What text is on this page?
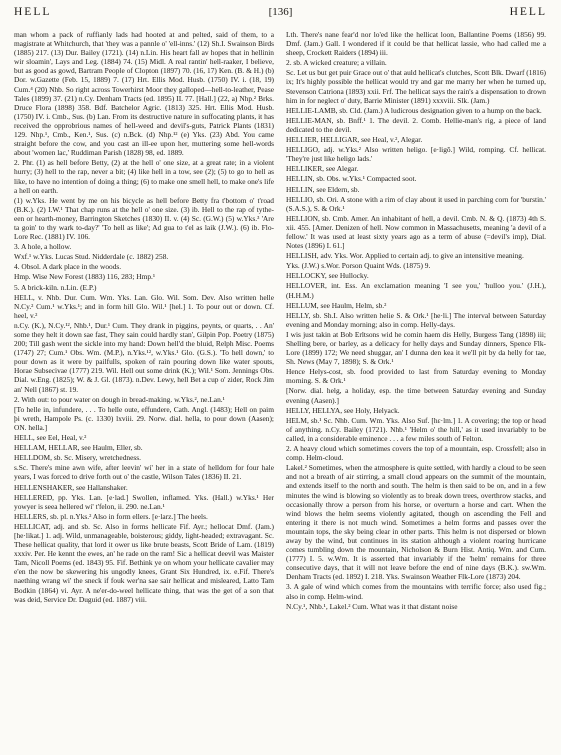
HELL	[136]	HELL

man whom a pack of ruffianly lads had hooted at and pelted, said of them, to a magistrate at Whitchurch, that 'they was a pannle o' 'ell-inns.' (12) Sh.I. Swainson Birds (1885) 217. (13) Dur. Bailey (1721). (14) n.Lin. His heart fall av hopes that in hellinin wir sloamin', Lays and Leg. (1884) 74. (15) Midl. A real rantin' hell-raaker, I believe, but as good as gowd, Bartram People of Clopton (1897) 70. (16, 17) Ken. (B. & H.) (b) Dor. w.Gazette (Feb. 15, 1889) 7. (17) Hrt. Ellis Mod. Husb. (1750) IV. i. (18, 19) Cum.⁴ (20) Nhb. So right across Towerhirst Moor they galloped—hell-to-leather, Pease Tales (1899) 37. (21) n.Cy. Denham Tracts (ed. 1895) II. 77. [Hall.] (22, a) Nhp.² Brks. Druce Flora (1898) 358. Bdf. Batchelor Agric. (1813) 325. Hrt. Ellis Mod. Husb. (1750) IV. i. Cmb., Sus. (b) Lan. From its destructive nature in suffocating plants, it has received the opprobrious names of hell-weed and devil's-guts, Patrick Plants (1831) 129. Nhp.¹, Cmb., Ken.¹, Sus. (c) n.Bck. (d) Nhp.¹² (e) Yks. (23) Abd. You came straight before the cow, and you cast an ill-ee upon her, muttering some hell-words about 'women lac,' Ruddiman Parish (1828) 98, ed. 1889.

2. Phr. (1) as hell before Betty, (2) at the hell o' one size, at a great rate; in a violent hurry; (3) hell to the rap, never a bit; (4) like hell in a tow, see (2); (5) to go to hell as like, to have no intention of doing a thing; (6) to make one smell hell, to make one's life a hell on earth.

(1) w.Yks. He went by me on his bicycle as hell before Betty fra t'bottom o' t'road (B.K.). (2) I.W.¹ That chap runs at the hell o' one size. (3) ib. Hell to the rap of tythe-een or hearth-money, Barrington Sketches (1830) II. v. (4) Sc. (G.W.) (5) w.Yks.³ 'Are ta goin' to thy wark to-day?' 'To hell as like'; Ad gua to t'el as laik (J.W.). (6) ib. Flo-Lore Rec. (1881) IV. 106.

3. A hole, a hollow.

Wxf.¹ w.Yks. Lucas Stud. Nidderdale (c. 1882) 258.

4. Obsol. A dark place in the woods.

Hmp. Wise New Forest (1883) 116, 283; Hmp.¹

5. A brick-kiln. n.Lin. (E.P.)

HELL, v. Nhb. Dur. Cum. Wm. Yks. Lan. Glo. Wil. Som. Dev. Also written helle N.Cy.² Cum.¹ w.Yks.¹; and in form hill Glo. Wil.¹ [hel.] 1. To pour out or down. Cf. heel, v.²

n.Cy. (K.), N.Cy.¹², Nhb.¹, Dur.¹ Cum. They drank in piggins, peynts, or quarts, . . An' some they helt it down sae fast, They sain could hardly stan', Gilpin Pop. Poetry (1875) 200; Till gash went the sickle into my hand: Down hell'd the bluid, Relph Misc. Poems (1747) 27; Cum.¹ Obs. Wm. (M.P.), n.Yks.¹², w.Yks.¹ Glo. (G.S.). 'To hell down,' to pour down as it were by pailfulls, spoken of rain pouring down like water spouts, Horae Subsecivae (1777) 219. Wil. Hell out some drink (K.); Wil.¹ Som. Jennings Obs. Dial. w.Eng. (1825); W. & J. Gl. (1873). n.Dev. Lewy, hell Bet a cup o' zider, Rock Jim an' Nell (1867) st. 19.

2. With out: to pour water on dough in bread-making. w.Yks.², ne.Lan.¹

[To helle in, infundere, . . . To helle oute, effundere, Cath. Angl. (1483); Hell on paim þi wreth, Hampole Ps. (c. 1330) lxviii. 29. Norw. dial. hella, to pour down (Aasen); ON. hella.]

HELL, see Eel, Heal, v.²

HELLAM, HELLAR, see Haulm, Eller, sb.

HELLDOM, sb. Sc. Misery, wretchedness.

s.Sc. There's mine awn wife, after leevin' wi' her in a state of helldom for four hale years, I was forced to drive forth out o' the castle, Wilson Tales (1836) II. 21.

HELLENSHAKER, see Hallanshaker.

HELLERED, pp. Yks. Lan. [e·lad.] Swollen, inflamed. Yks. (Hall.) w.Yks.¹ Her yowyer is seea hellered wi' t'felon, ii. 290. ne.Lan.¹

HELLERS, sb. pl. n.Yks.² Also in form ellers. [e·larz.] The heels.

HELLICAT, adj. and sb. Sc. Also in forms hellicate Fif. Ayr.; hellocat Dmf. (Jam.) [he·likat.] 1. adj. Wild, unmanageable, boisterous; giddy, light-headed; extravagant. Sc. These hellicat quality, that lord it ower us like brute beasts, Scott Bride of Lam. (1819) xxxiv. Per. He kennt the ewes, an' he rade on the ram! Sic a hellicat deevil was Maister Tam, Nicoll Poems (ed. 1843) 95. Fif. Bethink ye on whom your hellicate cavalier may e'en the now be skewering his ungodly knees, Grant Six Hundred, ix. e.Fif. There's naething wrang wi' the sneck if fouk wer'na sae sair hellicat and misleared, Latto Tam Bodkin (1864) vi. Ayr. A ne'er-do-weel hellicate thing, that was the get of a son that was deid, Service Dr. Duguid (ed. 1887) viii.

Lth. There's nane fear'd nor lo'ed like the hellicat loon, Ballantine Poems (1856) 99. Dmf. (Jam.) Gall. I wondered if it could be that hellicat lassie, who had called me a sheep, Crockett Raiders (1894) iii.

2. sb. A wicked creature; a villain.

Sc. Let us but get puir Grace out o' that auld hellicat's clutches, Scott Blk. Dwarf (1816) ix; It's highly possible the hellicat would try and gar me marry her when he turned up, Stevenson Catriona (1893) xxii. Frf. The hellicat says the rain's a dispensation to drown him in for neglect o' duty, Barrie Minister (1891) xxxviii. Slk. (Jam.)

HELLIE-LAMB, sb. Cld. (Jam.) A ludicrous designation given to a hump on the back.

HELLIE-MAN, sb. Bnff.¹ 1. The devil. 2. Comb. Hellie-man's rig, a piece of land dedicated to the devil.

HELLIER, HELLIGAR, see Heal, v.², Alegar.

HELLIGO, adj. w.Yks.² Also written heligo. [e·ligō.] Wild, romping. Cf. hellicat. 'They're just like heligo lads.'

HELLIKER, see Alegar.

HELLIN, sb. Obs. w.Yks.¹ Compacted soot.

HELLIN, see Eldern, sb.

HELLIO, sb. Ori. A stone with a rim of clay about it used in parching corn for 'burstin.' (S.A.S.), S. & Ork.¹

HELLION, sb. Cmb. Amer. An inhabitant of hell, a devil. Cmb. N. & Q. (1873) 4th S. xii. 455. [Amer. Denizen of hell. Now common in Massachusetts, meaning 'a devil of a fellow.' It was used at least sixty years ago as a term of abuse (=devil's imp), Dial. Notes (1896) I. 61.]

HELLISH, adv. Yks. Wor. Applied to certain adj. to give an intensitive meaning.

Yks. (J.W.) s.Wor. Porson Quaint Wds. (1875) 9.

HELLOCKY, see Hullocky.

HELLOVER, int. Ess. An exclamation meaning 'I see you,' 'hulloo you.' (J.H.), (H.H.M.)

HELLUM, see Haulm, Helm, sb.²

HELLY, sb. Sh.I. Also written helie S. & Ork.¹ [he·li.] The interval between Saturday evening and Monday morning; also in comp. Helly-days.

I wis just takin at Bob Erltsons wid he comin haem dis Helly, Burgess Tang (1898) iii; Shelling bere, or barley, as a delicacy for helly days and Sunday dinners, Spence Flk-Lore (1899) 172; We need shuggar, an' I dunna den kea it we'll pit by da helly for tae, Sh. News (May 7, 1898); S. & Ork.¹

Hence Helys-cost, sb. food provided to last from Saturday evening to Monday morning. S. & Ork.¹

[Norw. dial. helg, a holiday, esp. the time between Saturday evening and Sunday evening (Aasen).]

HELLY, HELLYA, see Holy, Helyack.

HELM, sb.¹ Sc. Nhb. Cum. Wm. Yks. Also Suf. [hε·lm.] 1. A covering; the top or head of anything. n.Cy. Bailey (1721). Nhb.¹ 'Helm o' the hill,' as it used invariably to be called, in a considerable eminence . . . a few miles south of Felton.

2. A heavy cloud which sometimes covers the top of a mountain, esp. Crossfell; also in comp. Helm-cloud.

Lakel.² Sometimes, when the atmosphere is quite settled, with hardly a cloud to be seen and not a breath of air stirring, a small cloud appears on the summit of the mountain, and extends itself to the north and south. The helm is then said to be on, and in a few minutes the wind is blowing so violently as to break down trees, overthrow stacks, and occasionally throw a person from his horse, or overturn a horse and cart. When the wind blows the helm seems violently agitated, though on ascending the Fell and entering it there is not much wind. Sometimes a helm forms and passes over the mountain tops, the sky being clear in other parts. This helm is not dispersed or blown away by the wind, but continues in its station although a violent roaring hurricane comes tumbling down the mountain, Nicholson & Burn Hist. Antiq. Wm. and Cum. (1777) I. 5. w.Wm. It is asserted that invariably if the 'helm' remains for three consecutive days, that it will not leave before the end of nine days (B.K.). sw.Wm. Denham Tracts (ed. 1892) I. 218. Yks. Swainson Weather Flk-Lore (1873) 204.

3. A gale of wind which comes from the mountains with terrific force; also used fig.; also in comp. Helm-wind.

N.Cy.¹, Nhb.¹, Lakel.² Cum. What was it that distant noise
